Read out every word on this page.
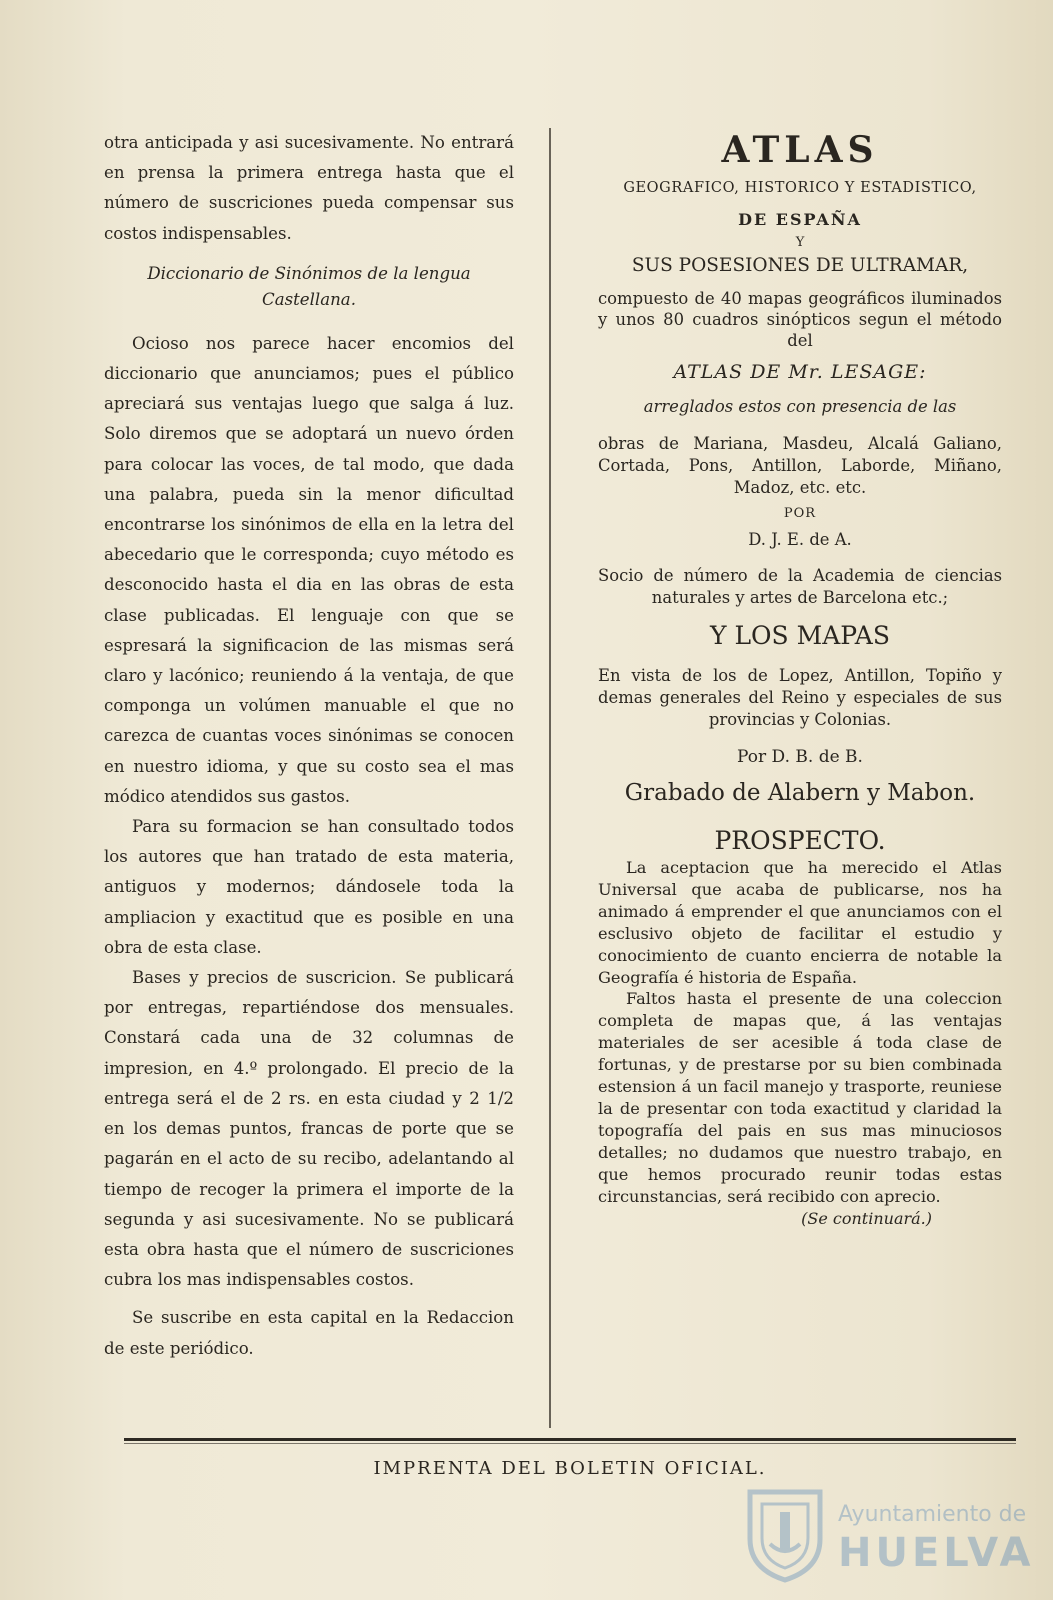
otra anticipada y asi sucesivamente. No entrará en prensa la primera entrega hasta que el número de suscriciones pueda compensar sus costos indispensables.

Diccionario de Sinónimos de la lengua Castellana.

Ocioso nos parece hacer encomios del diccionario que anunciamos; pues el público apreciará sus ventajas luego que salga á luz. Solo diremos que se adoptará un nuevo órden para colocar las voces, de tal modo, que dada una palabra, pueda sin la menor dificultad encontrarse los sinónimos de ella en la letra del abecedario que le corresponda; cuyo método es desconocido hasta el dia en las obras de esta clase publicadas. El lenguaje con que se espresará la significacion de las mismas será claro y lacónico; reuniendo á la ventaja, de que componga un volúmen manuable el que no carezca de cuantas voces sinónimas se conocen en nuestro idioma, y que su costo sea el mas módico atendidos sus gastos.

Para su formacion se han consultado todos los autores que han tratado de esta materia, antiguos y modernos; dándosele toda la ampliacion y exactitud que es posible en una obra de esta clase.

Bases y precios de suscricion. Se publicará por entregas, repartiéndose dos mensuales. Constará cada una de 32 columnas de impresion, en 4.º prolongado. El precio de la entrega será el de 2 rs. en esta ciudad y 2 1/2 en los demas puntos, francas de porte que se pagarán en el acto de su recibo, adelantando al tiempo de recoger la primera el importe de la segunda y asi sucesivamente. No se publicará esta obra hasta que el número de suscriciones cubra los mas indispensables costos.

Se suscribe en esta capital en la Redaccion de este periódico.

ATLAS

GEOGRAFICO, HISTORICO Y ESTADISTICO,

DE ESPAÑA

Y

SUS POSESIONES DE ULTRAMAR,

compuesto de 40 mapas geográficos iluminados y unos 80 cuadros sinópticos segun el método del

ATLAS DE Mr. LESAGE:

arreglados estos con presencia de las

obras de Mariana, Masdeu, Alcalá Galiano, Cortada, Pons, Antillon, Laborde, Miñano, Madoz, etc. etc.

POR

D. J. E. de A.

Socio de número de la Academia de ciencias naturales y artes de Barcelona etc.;

Y LOS MAPAS

En vista de los de Lopez, Antillon, Topiño y demas generales del Reino y especiales de sus provincias y Colonias.

Por D. B. de B.

Grabado de Alabern y Mabon.

PROSPECTO.

La aceptacion que ha merecido el Atlas Universal que acaba de publicarse, nos ha animado á emprender el que anunciamos con el esclusivo objeto de facilitar el estudio y conocimiento de cuanto encierra de notable la Geografía é historia de España.

Faltos hasta el presente de una coleccion completa de mapas que, á las ventajas materiales de ser acesible á toda clase de fortunas, y de prestarse por su bien combinada estension á un facil manejo y trasporte, reuniese la de presentar con toda exactitud y claridad la topografía del pais en sus mas minuciosos detalles; no dudamos que nuestro trabajo, en que hemos procurado reunir todas estas circunstancias, será recibido con aprecio.

(Se continuará.)

IMPRENTA DEL BOLETIN OFICIAL.
Ayuntamiento de
HUELVA
